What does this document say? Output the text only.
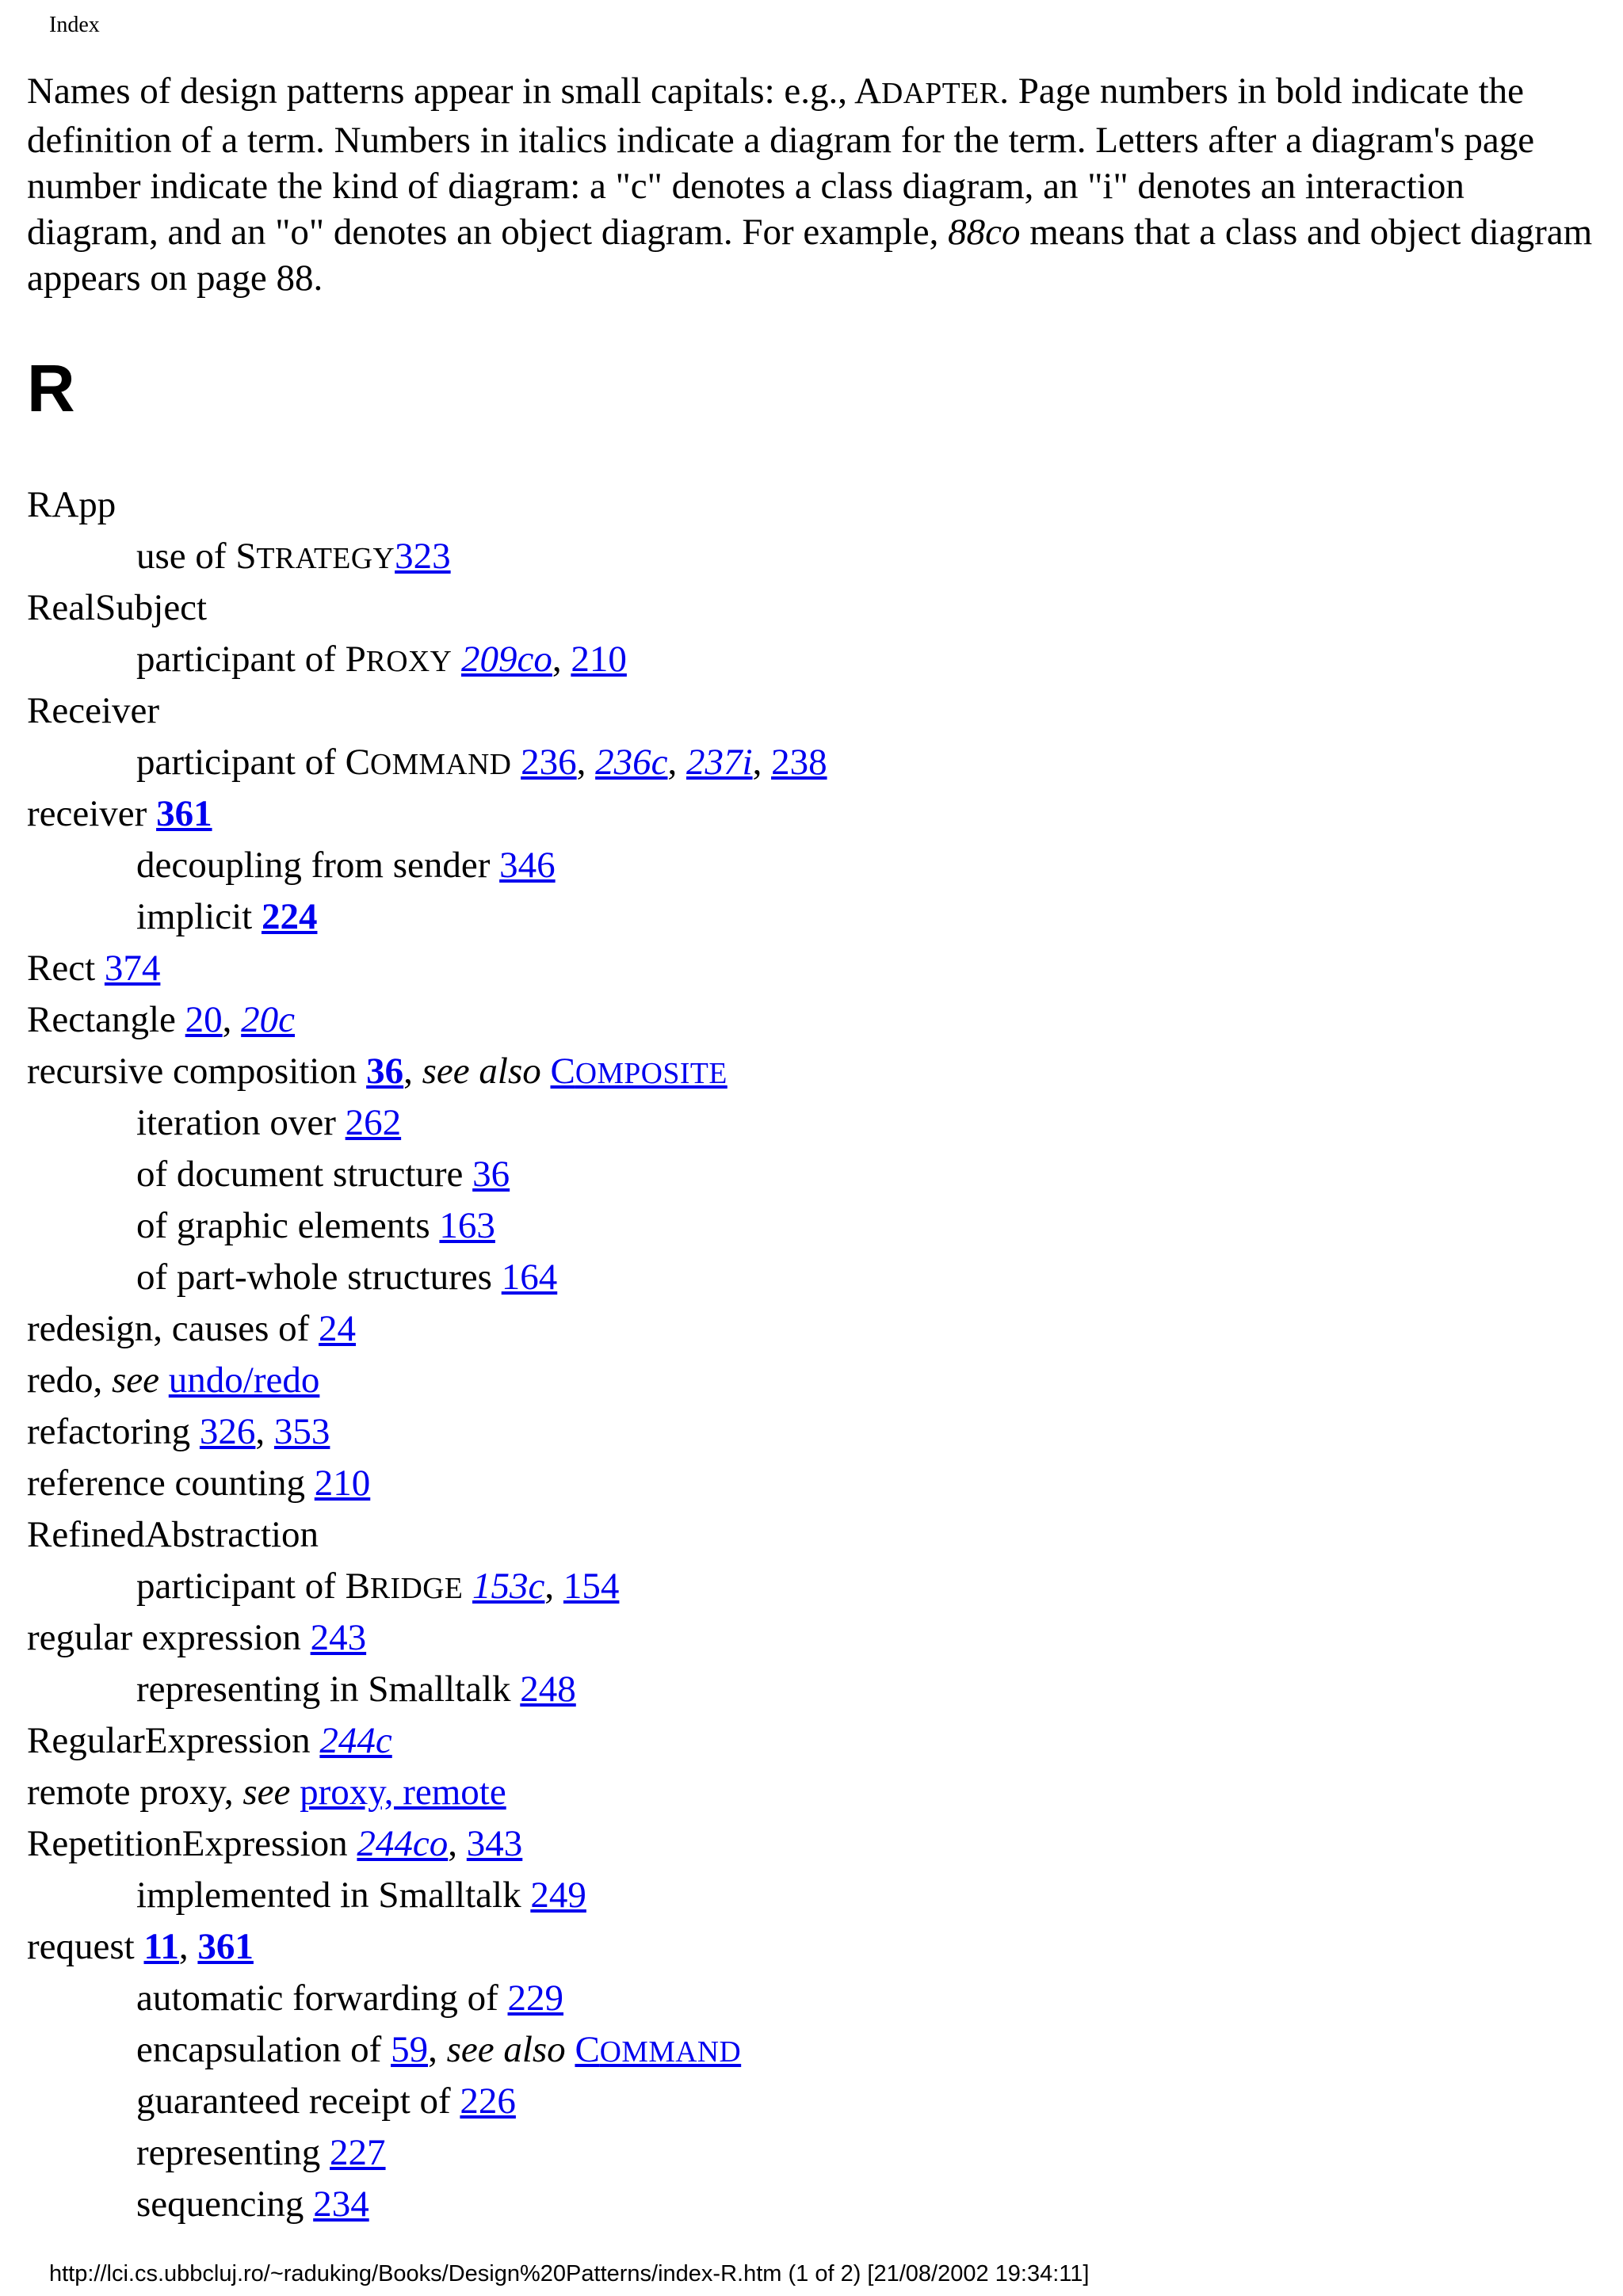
Index
Names of design patterns appear in small capitals: e.g., ADAPTER. Page numbers in bold indicate the definition of a term. Numbers in italics indicate a diagram for the term. Letters after a diagram's page number indicate the kind of diagram: a "c" denotes a class diagram, an "i" denotes an interaction diagram, and an "o" denotes an object diagram. For example, 88co means that a class and object diagram appears on page 88.
R
RApp
use of STRATEGY323
RealSubject
participant of PROXY 209co, 210
Receiver
participant of COMMAND 236, 236c, 237i, 238
receiver 361
decoupling from sender 346
implicit 224
Rect 374
Rectangle 20, 20c
recursive composition 36, see also COMPOSITE
iteration over 262
of document structure 36
of graphic elements 163
of part-whole structures 164
redesign, causes of 24
redo, see undo/redo
refactoring 326, 353
reference counting 210
RefinedAbstraction
participant of BRIDGE 153c, 154
regular expression 243
representing in Smalltalk 248
RegularExpression 244c
remote proxy, see proxy, remote
RepetitionExpression 244co, 343
implemented in Smalltalk 249
request 11, 361
automatic forwarding of 229
encapsulation of 59, see also COMMAND
guaranteed receipt of 226
representing 227
sequencing 234
http://lci.cs.ubbcluj.ro/~raduking/Books/Design%20Patterns/index-R.htm (1 of 2) [21/08/2002 19:34:11]
